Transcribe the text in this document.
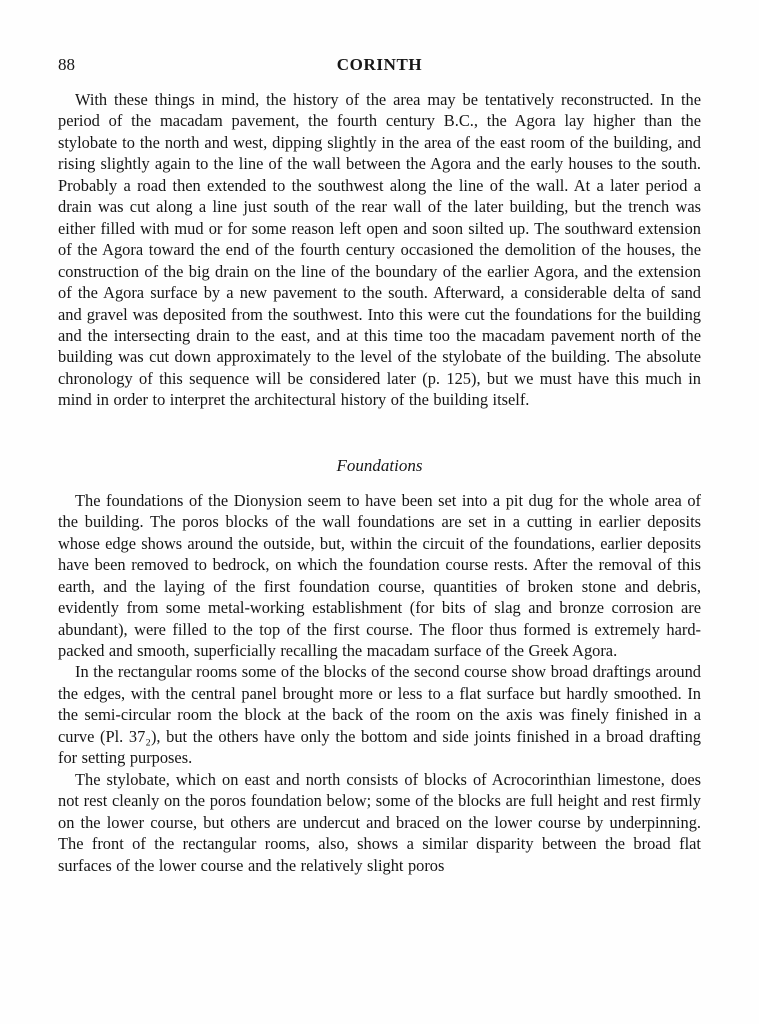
88	CORINTH

With these things in mind, the history of the area may be tentatively reconstructed. In the period of the macadam pavement, the fourth century B.C., the Agora lay higher than the stylobate to the north and west, dipping slightly in the area of the east room of the building, and rising slightly again to the line of the wall between the Agora and the early houses to the south. Probably a road then extended to the southwest along the line of the wall. At a later period a drain was cut along a line just south of the rear wall of the later building, but the trench was either filled with mud or for some reason left open and soon silted up. The southward extension of the Agora toward the end of the fourth century occasioned the demolition of the houses, the construction of the big drain on the line of the boundary of the earlier Agora, and the extension of the Agora surface by a new pavement to the south. Afterward, a considerable delta of sand and gravel was deposited from the southwest. Into this were cut the foundations for the building and the intersecting drain to the east, and at this time too the macadam pavement north of the building was cut down approximately to the level of the stylobate of the building. The absolute chronology of this sequence will be considered later (p. 125), but we must have this much in mind in order to interpret the architectural history of the building itself.

Foundations

The foundations of the Dionysion seem to have been set into a pit dug for the whole area of the building. The poros blocks of the wall foundations are set in a cutting in earlier deposits whose edge shows around the outside, but, within the circuit of the foundations, earlier deposits have been removed to bedrock, on which the foundation course rests. After the removal of this earth, and the laying of the first foundation course, quantities of broken stone and debris, evidently from some metal-working establishment (for bits of slag and bronze corrosion are abundant), were filled to the top of the first course. The floor thus formed is extremely hard-packed and smooth, superficially recalling the macadam surface of the Greek Agora.

In the rectangular rooms some of the blocks of the second course show broad draftings around the edges, with the central panel brought more or less to a flat surface but hardly smoothed. In the semi-circular room the block at the back of the room on the axis was finely finished in a curve (Pl. 37₂), but the others have only the bottom and side joints finished in a broad drafting for setting purposes.

The stylobate, which on east and north consists of blocks of Acrocorinthian limestone, does not rest cleanly on the poros foundation below; some of the blocks are full height and rest firmly on the lower course, but others are undercut and braced on the lower course by underpinning. The front of the rectangular rooms, also, shows a similar disparity between the broad flat surfaces of the lower course and the relatively slight poros
